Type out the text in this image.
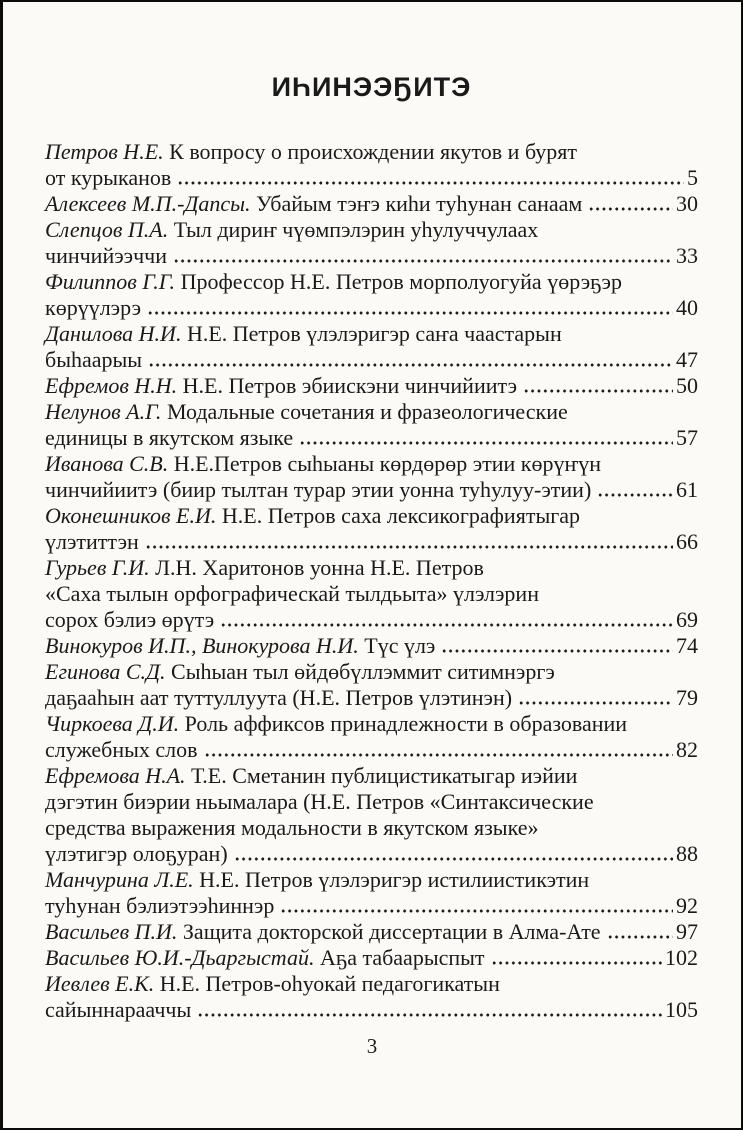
ИҺИНЭЭҔИТЭ
Петров Н.Е. К вопросу о происхождении якутов и бурят
от курыканов	5
Алексеев М.П.-Дапсы. Убайым тэҥэ киһи туһунан санаам	30
Слепцов П.А. Тыл дириҥ чүөмпэлэрин уһулуччулаах
чинчийээччи	33
Филиппов Г.Г. Профессор Н.Е. Петров морполуогуйа үөрэҕэр
көрүүлэрэ	40
Данилова Н.И. Н.Е. Петров үлэлэригэр саҥа чаастарын
быһаарыы	47
Ефремов Н.Н. Н.Е. Петров эбиискэни чинчийиитэ	50
Нелунов А.Г. Модальные сочетания и фразеологические
единицы в якутском языке	57
Иванова С.В. Н.Е.Петров сыһыаны көрдөрөр этии көрүҥүн
чинчийиитэ (биир тылтан турар этии уонна туһулуу-этии)	61
Оконешников Е.И. Н.Е. Петров саха лексикографиятыгар
үлэтиттэн	66
Гурьев Г.И. Л.Н. Харитонов уонна Н.Е. Петров
«Саха тылын орфографическай тылдьыта» үлэлэрин
сорох бэлиэ өрүтэ	69
Винокуров И.П., Винокурова Н.И. Түс үлэ	74
Егинова С.Д. Сыһыан тыл өйдөбүллэммит ситимнэргэ
даҕааһын аат туттуллуута (Н.Е. Петров үлэтинэн)	79
Чиркоева Д.И. Роль аффиксов принадлежности в образовании
служебных слов	82
Ефремова Н.А. Т.Е. Сметанин публицистикатыгар иэйии
дэгэтин биэрии ньымалара (Н.Е. Петров «Синтаксические
средства выражения модальности в якутском языке»
үлэтигэр олоҕуран)	88
Манчурина Л.Е. Н.Е. Петров үлэлэригэр истилиистикэтин
туһунан бэлиэтээһиннэр	92
Васильев П.И. Защита докторской диссертации в Алма-Ате	97
Васильев Ю.И.-Дьаргыстай. Аҕа табаарыспыт	102
Иевлев Е.К. Н.Е. Петров-оһуокай педагогикатын
сайыннарааччы	105
3
